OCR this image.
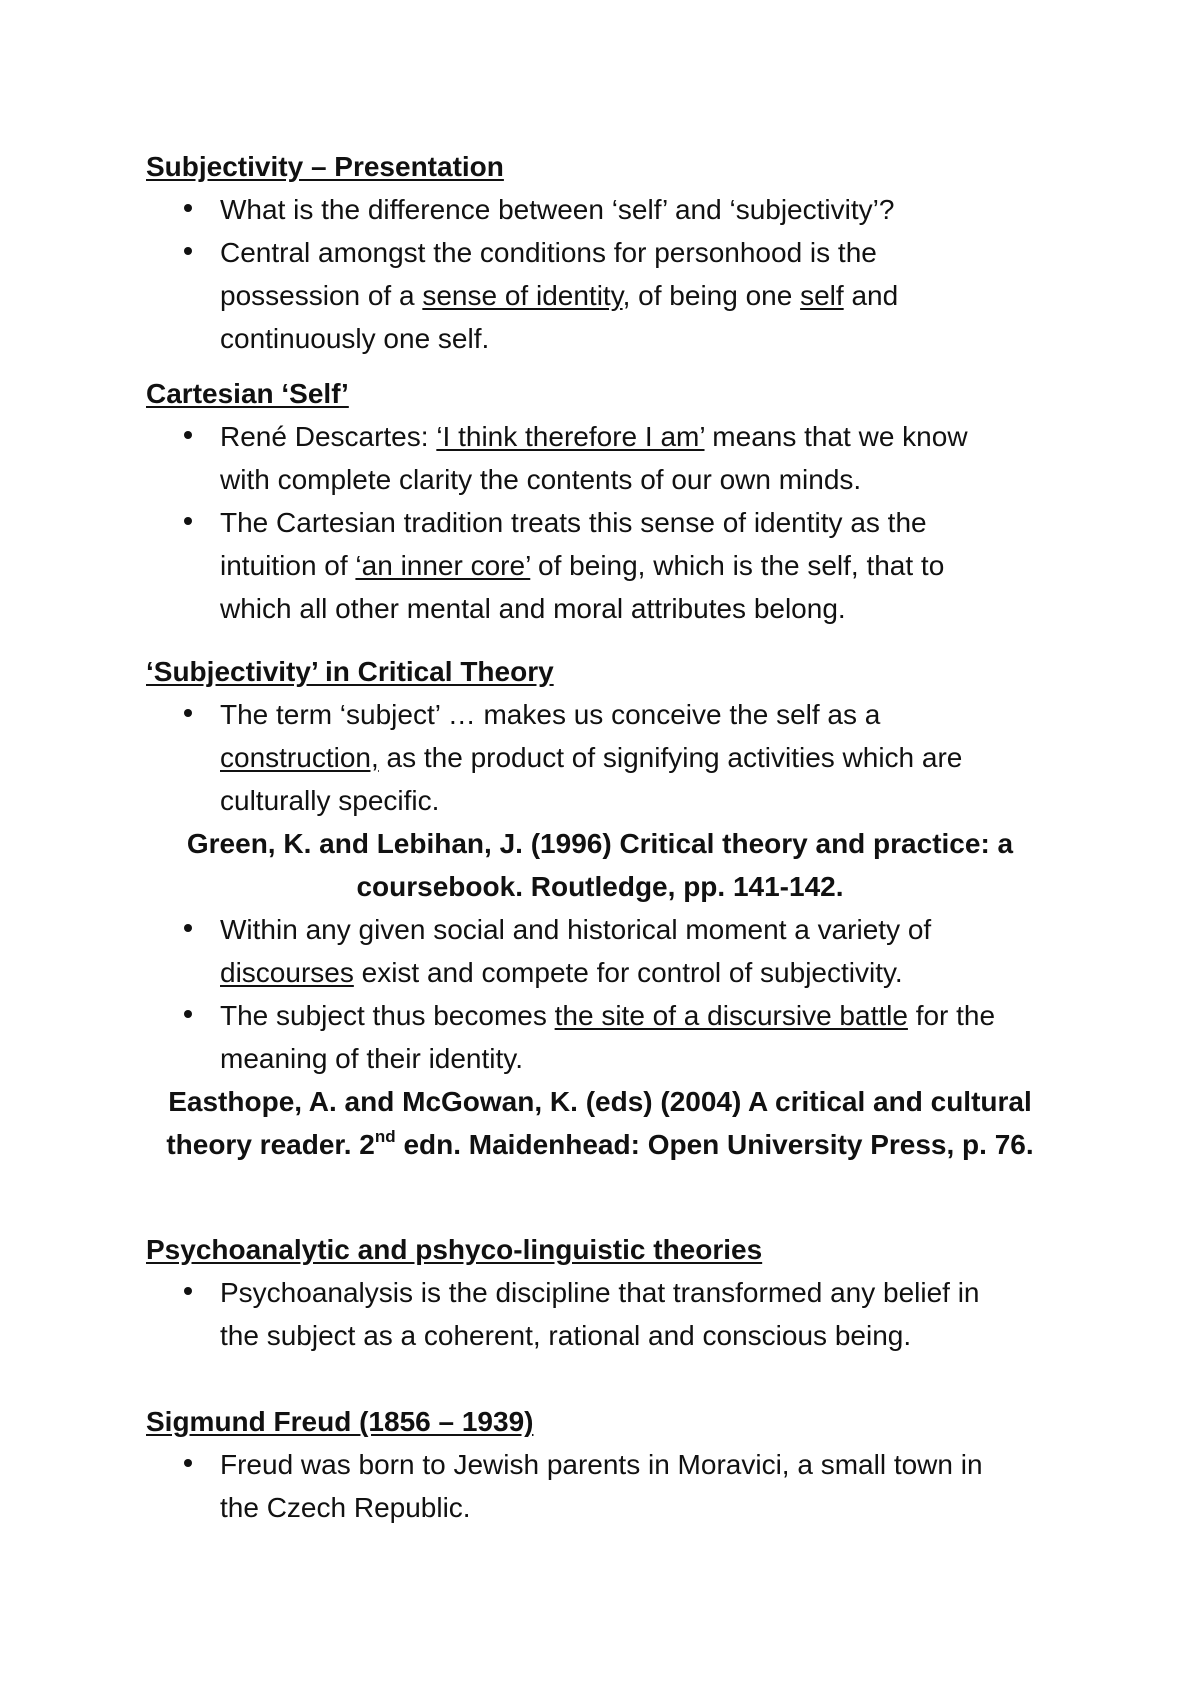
Subjectivity – Presentation
What is the difference between ‘self’ and ‘subjectivity’?
Central amongst the conditions for personhood is the
possession of a sense of identity, of being one self and
continuously one self.
Cartesian ‘Self’
René Descartes: ‘I think therefore I am’ means that we know
with complete clarity the contents of our own minds.
The Cartesian tradition treats this sense of identity as the
intuition of ‘an inner core’ of being, which is the self, that to
which all other mental and moral attributes belong.
‘Subjectivity’ in Critical Theory
The term ‘subject’ … makes us conceive the self as a
construction, as the product of signifying activities which are
culturally specific.
Green, K. and Lebihan, J. (1996) Critical theory and practice: a
coursebook. Routledge, pp. 141-142.
Within any given social and historical moment a variety of
discourses exist and compete for control of subjectivity.
The subject thus becomes the site of a discursive battle for the
meaning of their identity.
Easthope, A. and McGowan, K. (eds) (2004) A critical and cultural
theory reader. 2nd edn. Maidenhead: Open University Press, p. 76.
Psychoanalytic and pshyco-linguistic theories
Psychoanalysis is the discipline that transformed any belief in
the subject as a coherent, rational and conscious being.
Sigmund Freud (1856 – 1939)
Freud was born to Jewish parents in Moravici, a small town in
the Czech Republic.
